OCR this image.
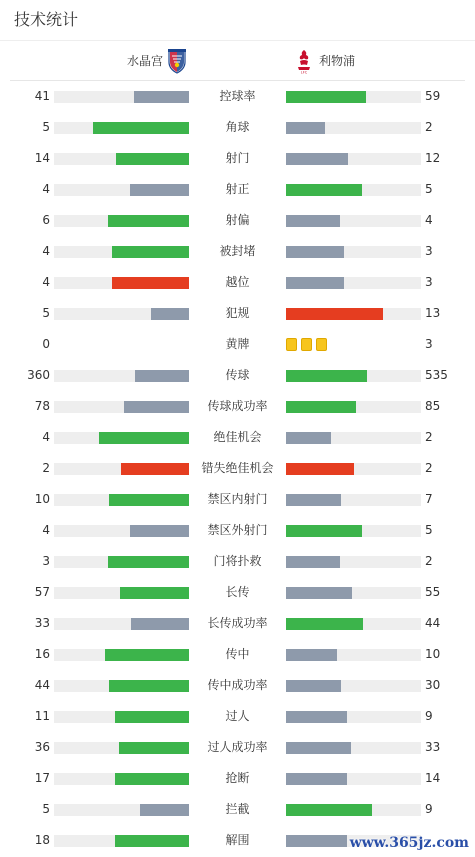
技术统计
水晶宫
LFC
利物浦
41	控球率	59
5	角球	2
14	射门	12
4	射正	5
6	射偏	4
4	被封堵	3
4	越位	3
5	犯规	13
0	黄牌	3
360	传球	535
78	传球成功率	85
4	绝佳机会	2
2	错失绝佳机会	2
10	禁区内射门	7
4	禁区外射门	5
3	门将扑救	2
57	长传	55
33	长传成功率	44
16	传中	10
44	传中成功率	30
11	过人	9
36	过人成功率	33
17	抢断	14
5	拦截	9
18	解围	www.365jz.com
